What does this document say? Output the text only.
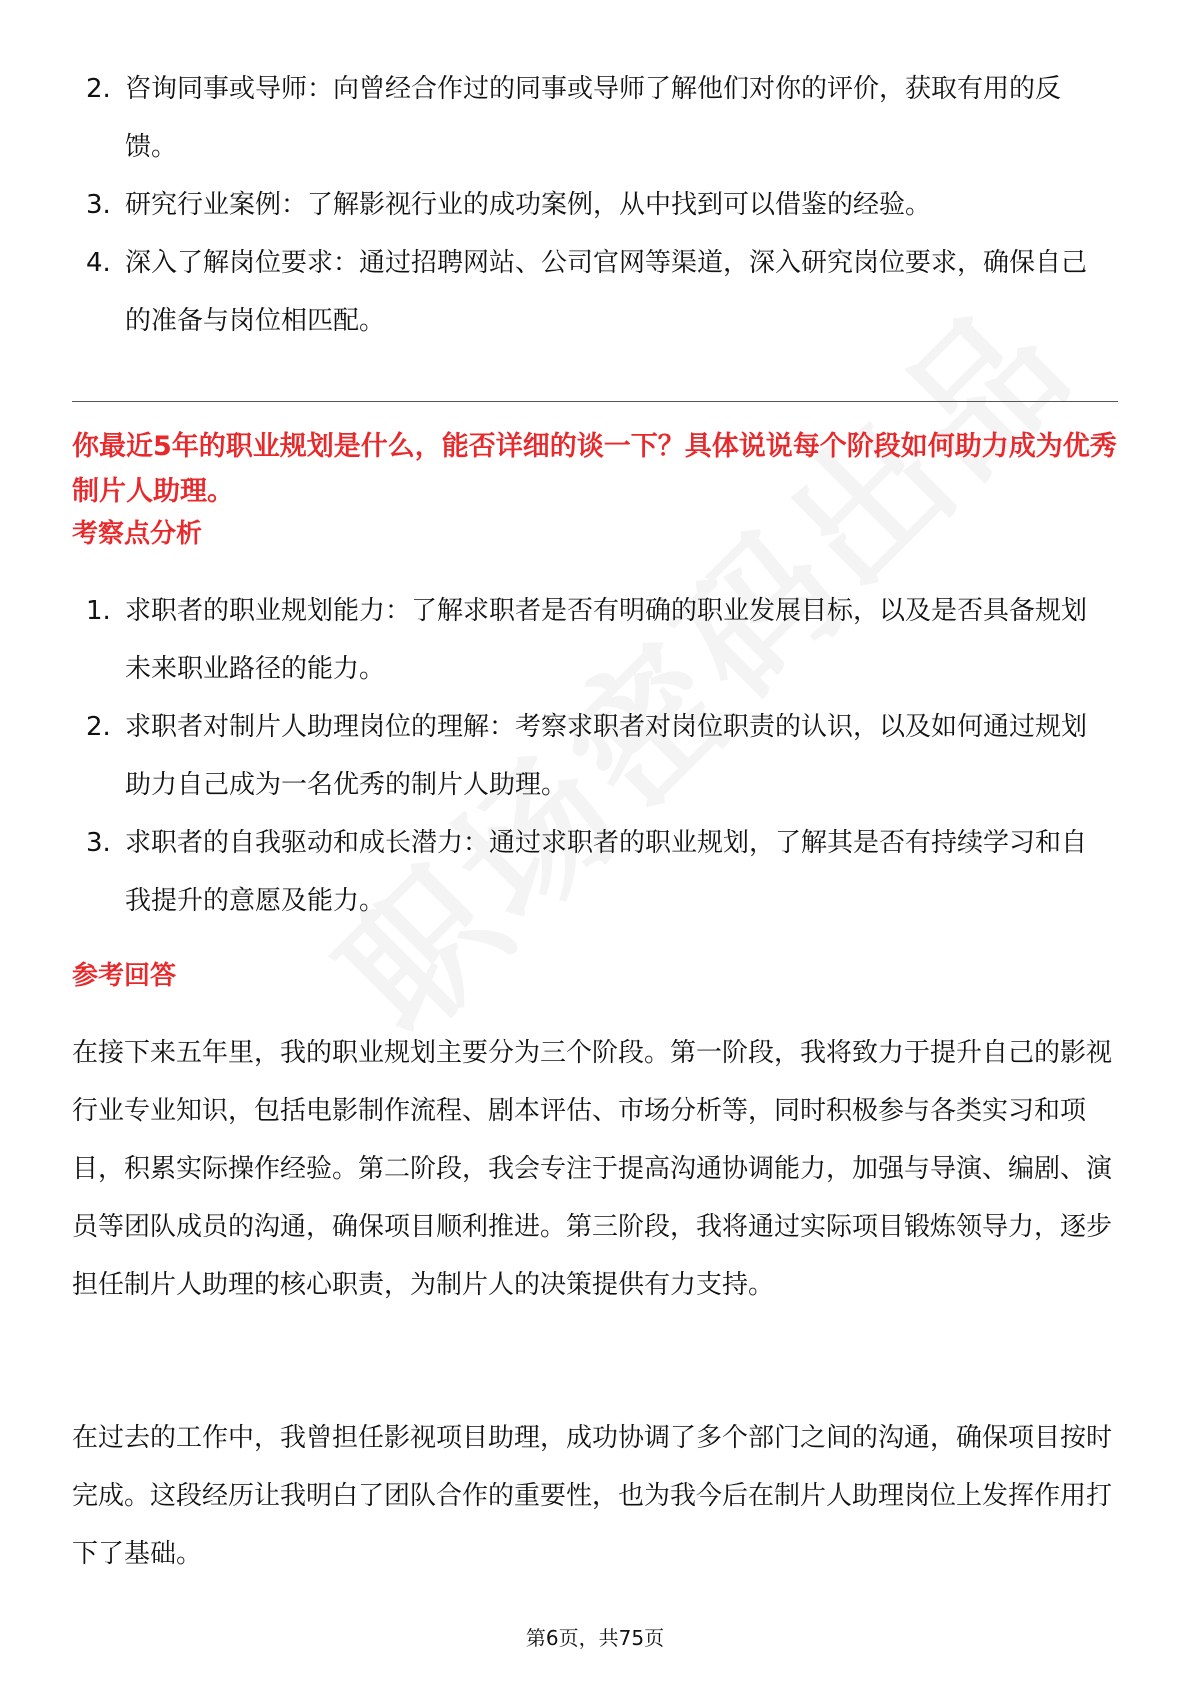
2. 咨询同事或导师：向曾经合作过的同事或导师了解他们对你的评价，获取有用的反馈。
3. 研究行业案例：了解影视行业的成功案例，从中找到可以借鉴的经验。
4. 深入了解岗位要求：通过招聘网站、公司官网等渠道，深入研究岗位要求，确保自己的准备与岗位相匹配。
你最近5年的职业规划是什么，能否详细的谈一下？具体说说每个阶段如何助力成为优秀制片人助理。
考察点分析
1. 求职者的职业规划能力：了解求职者是否有明确的职业发展目标，以及是否具备规划未来职业路径的能力。
2. 求职者对制片人助理岗位的理解：考察求职者对岗位职责的认识，以及如何通过规划助力自己成为一名优秀的制片人助理。
3. 求职者的自我驱动和成长潜力：通过求职者的职业规划，了解其是否有持续学习和自我提升的意愿及能力。
参考回答

在接下来五年里，我的职业规划主要分为三个阶段。第一阶段，我将致力于提升自己的影视行业专业知识，包括电影制作流程、剧本评估、市场分析等，同时积极参与各类实习和项目，积累实际操作经验。第二阶段，我会专注于提高沟通协调能力，加强与导演、编剧、演员等团队成员的沟通，确保项目顺利推进。第三阶段，我将通过实际项目锻炼领导力，逐步担任制片人助理的核心职责，为制片人的决策提供有力支持。

在过去的工作中，我曾担任影视项目助理，成功协调了多个部门之间的沟通，确保项目按时完成。这段经历让我明白了团队合作的重要性，也为我今后在制片人助理岗位上发挥作用打下了基础。

第6页，共75页
